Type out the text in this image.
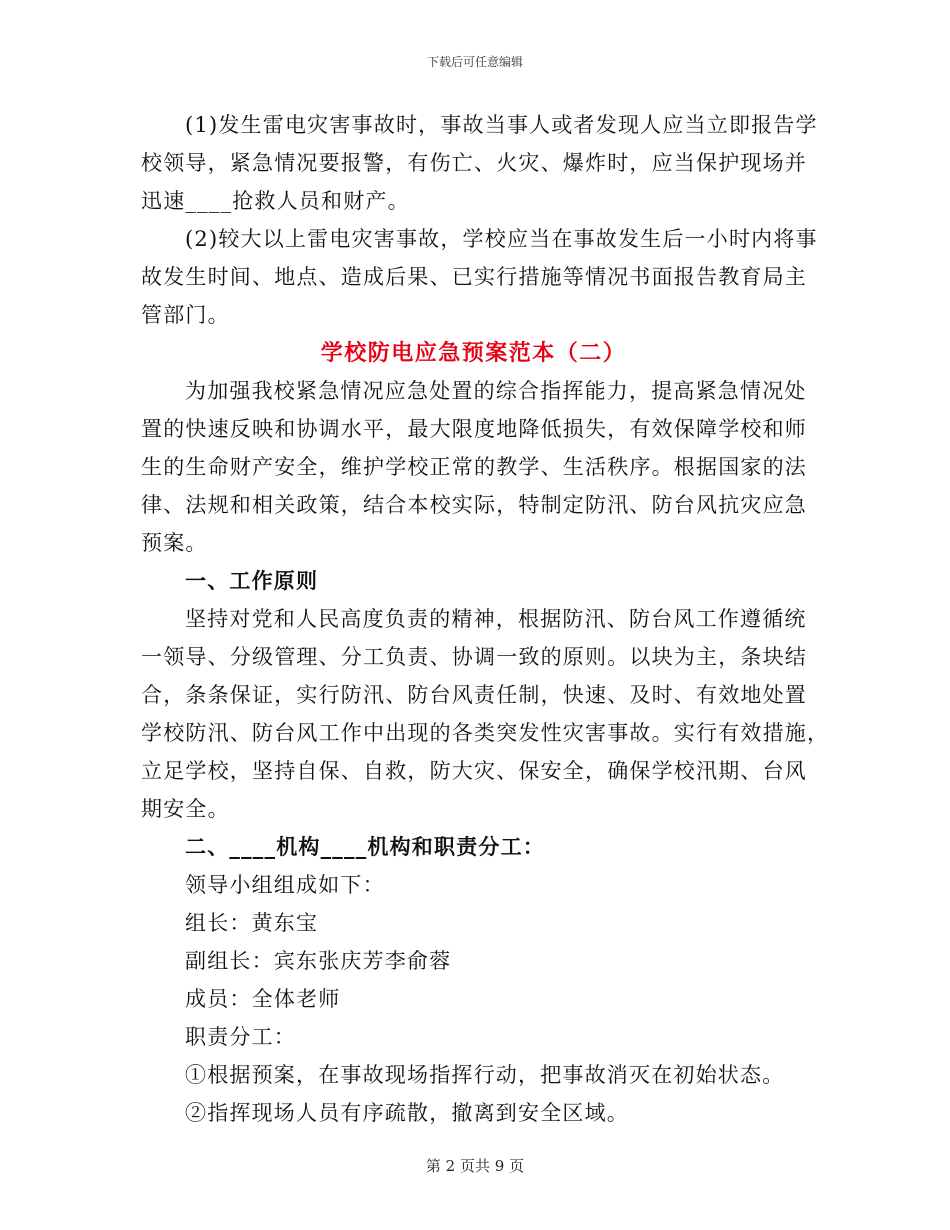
下载后可任意编辑
(1)发生雷电灾害事故时，事故当事人或者发现人应当立即报告学
校领导，紧急情况要报警，有伤亡、火灾、爆炸时，应当保护现场并
迅速____抢救人员和财产。
(2)较大以上雷电灾害事故，学校应当在事故发生后一小时内将事
故发生时间、地点、造成后果、已实行措施等情况书面报告教育局主
管部门。
学校防电应急预案范本（二）
为加强我校紧急情况应急处置的综合指挥能力，提高紧急情况处
置的快速反映和协调水平，最大限度地降低损失，有效保障学校和师
生的生命财产安全，维护学校正常的教学、生活秩序。根据国家的法
律、法规和相关政策，结合本校实际，特制定防汛、防台风抗灾应急
预案。
一、工作原则
坚持对党和人民高度负责的精神，根据防汛、防台风工作遵循统
一领导、分级管理、分工负责、协调一致的原则。以块为主，条块结
合，条条保证，实行防汛、防台风责任制，快速、及时、有效地处置
学校防汛、防台风工作中出现的各类突发性灾害事故。实行有效措施，
立足学校，坚持自保、自救，防大灾、保安全，确保学校汛期、台风
期安全。
二、____机构____机构和职责分工：
领导小组组成如下：
组长：黄东宝
副组长：宾东张庆芳李俞蓉
成员：全体老师
职责分工：
①根据预案，在事故现场指挥行动，把事故消灭在初始状态。
②指挥现场人员有序疏散，撤离到安全区域。
第 2 页共 9 页
